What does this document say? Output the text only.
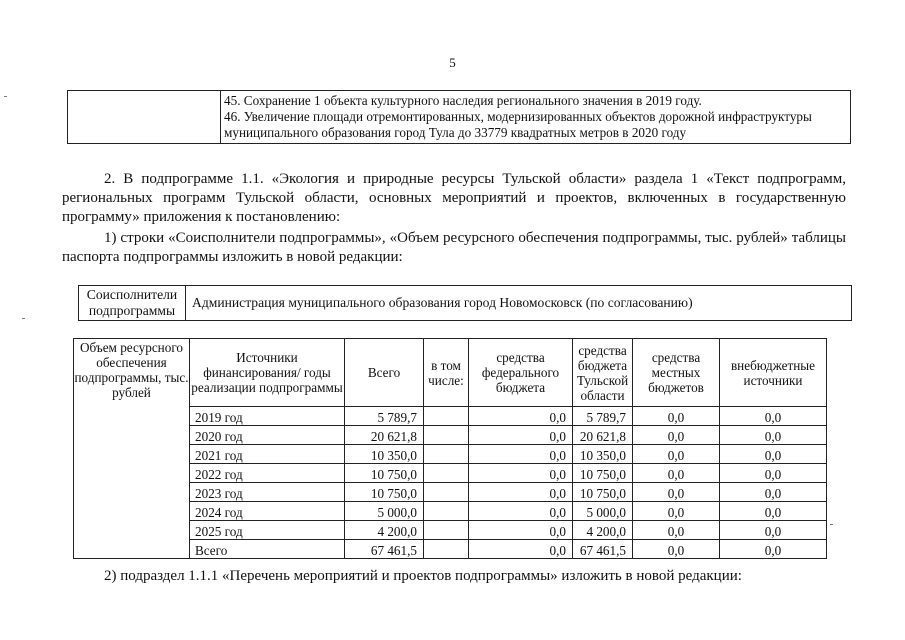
5

45. Сохранение 1 объекта культурного наследия регионального значения в 2019 году.
46. Увеличение площади отремонтированных, модернизированных объектов дорожной инфраструктуры муниципального образования город Тула до 33779 квадратных метров в 2020 году
2. В подпрограмме 1.1. «Экология и природные ресурсы Тульской области» раздела 1 «Текст подпрограмм, региональных программ Тульской области, основных мероприятий и проектов, включенных в государственную программу» приложения к постановлению:
1) строки «Соисполнители подпрограммы», «Объем ресурсного обеспечения подпрограммы, тыс. рублей» таблицы паспорта подпрограммы изложить в новой редакции:
Соисполнители подпрограммы	Администрация муниципального образования город Новомосковск (по согласованию)
Объем ресурсного обеспечения подпрограммы, тыс. рублей	Источники финансирования/ годы реализации подпрограммы	Всего	в том числе:	средства федерального бюджета	средства бюджета Тульской области	средства местных бюджетов	внебюджетные источники
	2019 год	5 789,7		0,0	5 789,7	0,0	0,0
	2020 год	20 621,8		0,0	20 621,8	0,0	0,0
	2021 год	10 350,0		0,0	10 350,0	0,0	0,0
	2022 год	10 750,0		0,0	10 750,0	0,0	0,0
	2023 год	10 750,0		0,0	10 750,0	0,0	0,0
	2024 год	5 000,0		0,0	5 000,0	0,0	0,0
	2025 год	4 200,0		0,0	4 200,0	0,0	0,0
	Всего	67 461,5		0,0	67 461,5	0,0	0,0
2) подраздел 1.1.1 «Перечень мероприятий и проектов подпрограммы» изложить в новой редакции:
